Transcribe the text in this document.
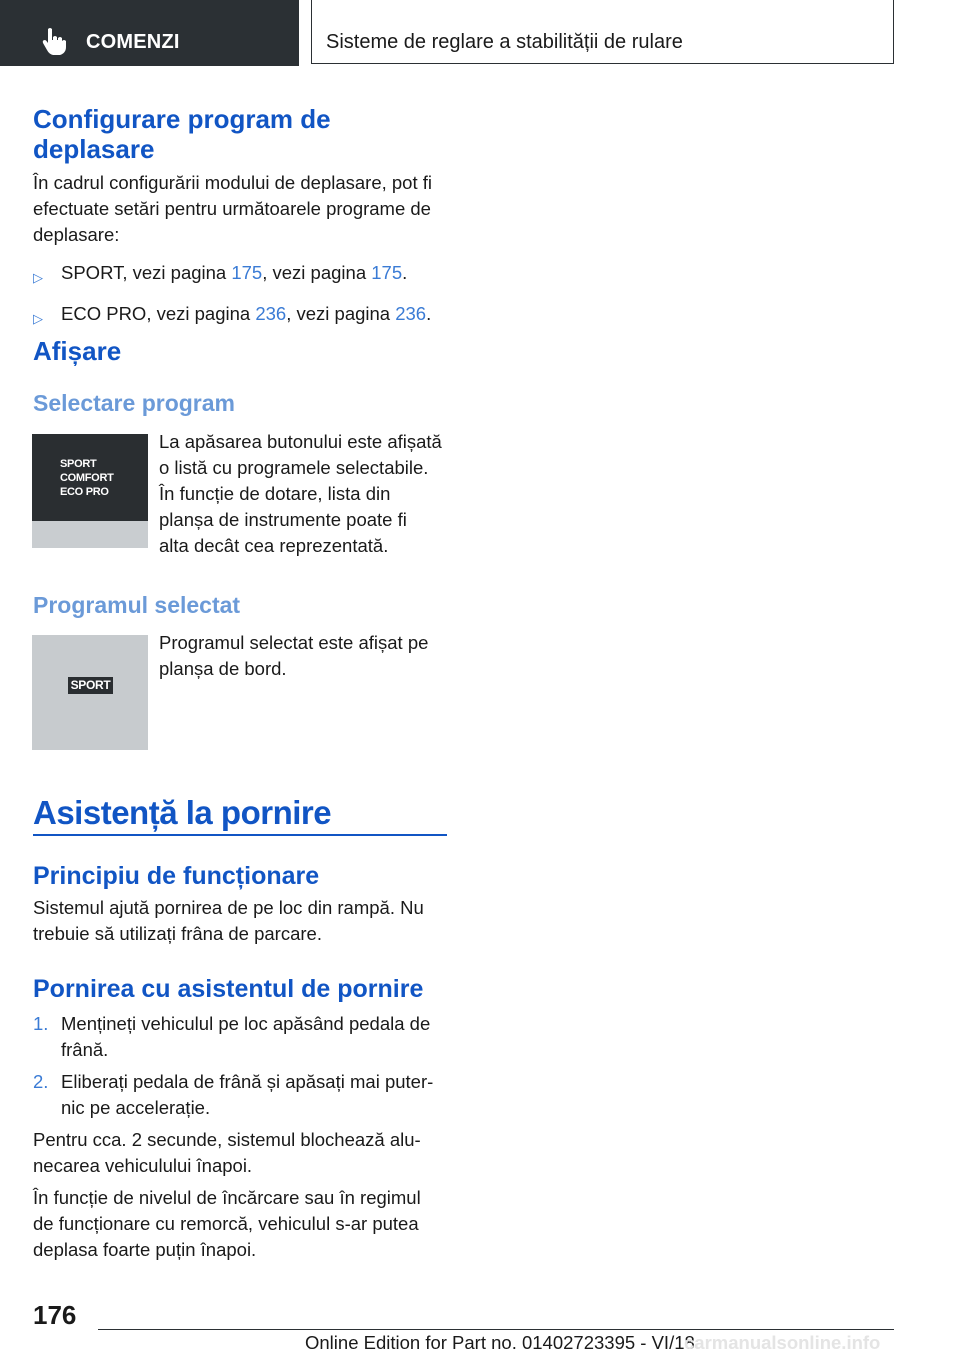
COMENZI	Sisteme de reglare a stabilității de rulare
Configurare program de
deplasare

În cadrul configurării modului de deplasare, pot fi
efectuate setări pentru următoarele programe de
deplasare:

▷ SPORT, vezi pagina 175, vezi pagina 175.
▷ ECO PRO, vezi pagina 236, vezi pagina 236.
Afișare
Selectare program
SPORT
COMFORT
ECO PRO

La apăsarea butonului este afișată
o listă cu programele selectabile.
În funcție de dotare, lista din
planșa de instrumente poate fi
alta decât cea reprezentată.

Programul selectat
SPORT

Programul selectat este afișat pe
planșa de bord.

Asistență la pornire
Principiu de funcționare

Sistemul ajută pornirea de pe loc din rampă. Nu
trebuie să utilizați frâna de parcare.

Pornirea cu asistentul de pornire
1. Mențineți vehiculul pe loc apăsând pedala de
frână.
2. Eliberați pedala de frână și apăsați mai puter-
nic pe accelerație.

Pentru cca. 2 secunde, sistemul blochează alu-
necarea vehiculului înapoi.

În funcție de nivelul de încărcare sau în regimul
de funcționare cu remorcă, vehiculul s-ar putea
deplasa foarte puțin înapoi.

176
Online Edition for Part no. 01402723395 - VI/18
carmanualsonline.info
